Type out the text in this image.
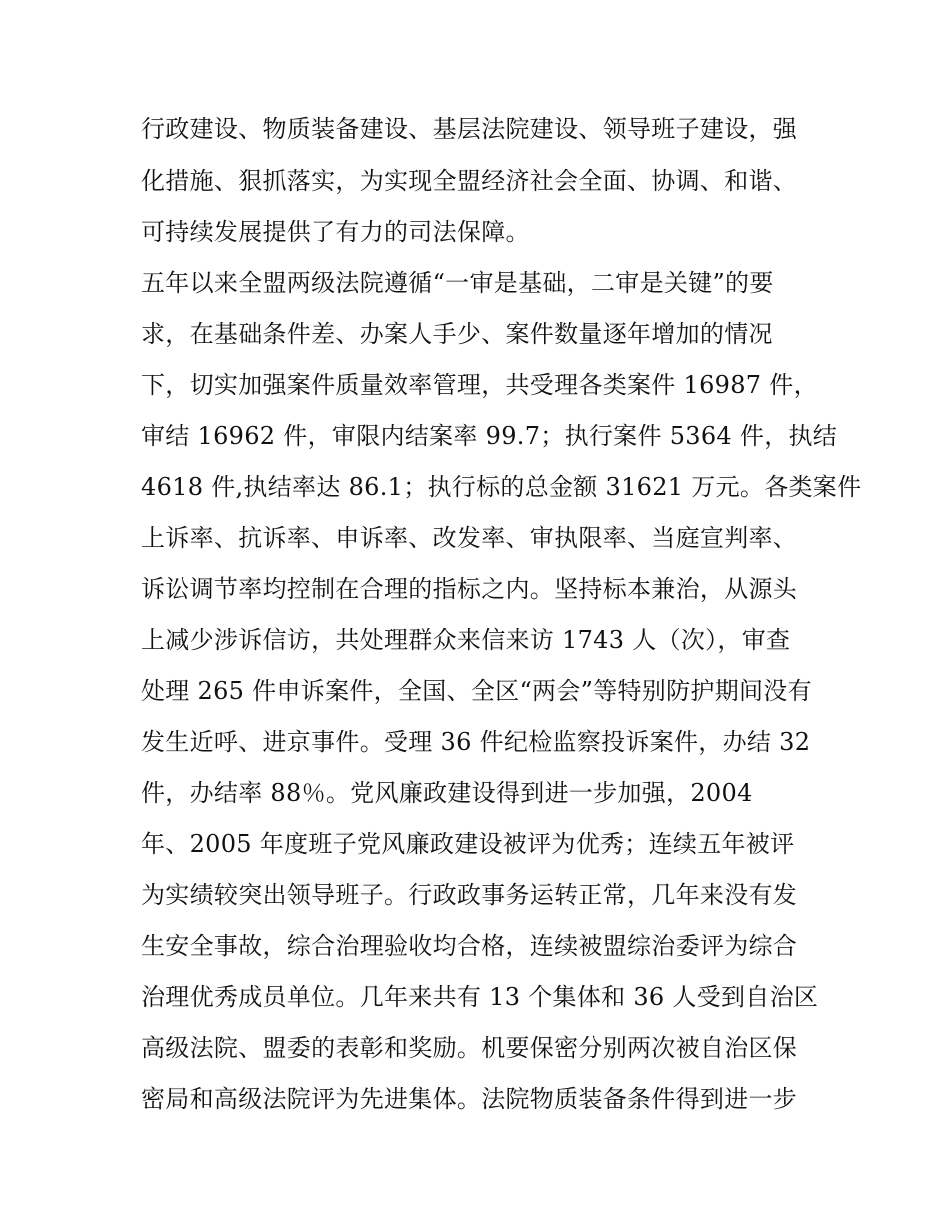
行政建设、物质装备建设、基层法院建设、领导班子建设，强
化措施、狠抓落实，为实现全盟经济社会全面、协调、和谐、
可持续发展提供了有力的司法保障。
五年以来全盟两级法院遵循“一审是基础，二审是关键”的要
求，在基础条件差、办案人手少、案件数量逐年增加的情况
下，切实加强案件质量效率管理，共受理各类案件 16987 件，
审结 16962 件，审限内结案率 99.7；执行案件 5364 件，执结
4618 件,执结率达 86.1；执行标的总金额 31621 万元。各类案件
上诉率、抗诉率、申诉率、改发率、审执限率、当庭宣判率、
诉讼调节率均控制在合理的指标之内。坚持标本兼治，从源头
上减少涉诉信访，共处理群众来信来访 1743 人（次），审查
处理 265 件申诉案件，全国、全区“两会”等特别防护期间没有
发生近呼、进京事件。受理 36 件纪检监察投诉案件，办结 32
件，办结率 88％。党风廉政建设得到进一步加强，2004
年、2005 年度班子党风廉政建设被评为优秀；连续五年被评
为实绩较突出领导班子。行政政事务运转正常，几年来没有发
生安全事故，综合治理验收均合格，连续被盟综治委评为综合
治理优秀成员单位。几年来共有 13 个集体和 36 人受到自治区
高级法院、盟委的表彰和奖励。机要保密分别两次被自治区保
密局和高级法院评为先进集体。法院物质装备条件得到进一步
